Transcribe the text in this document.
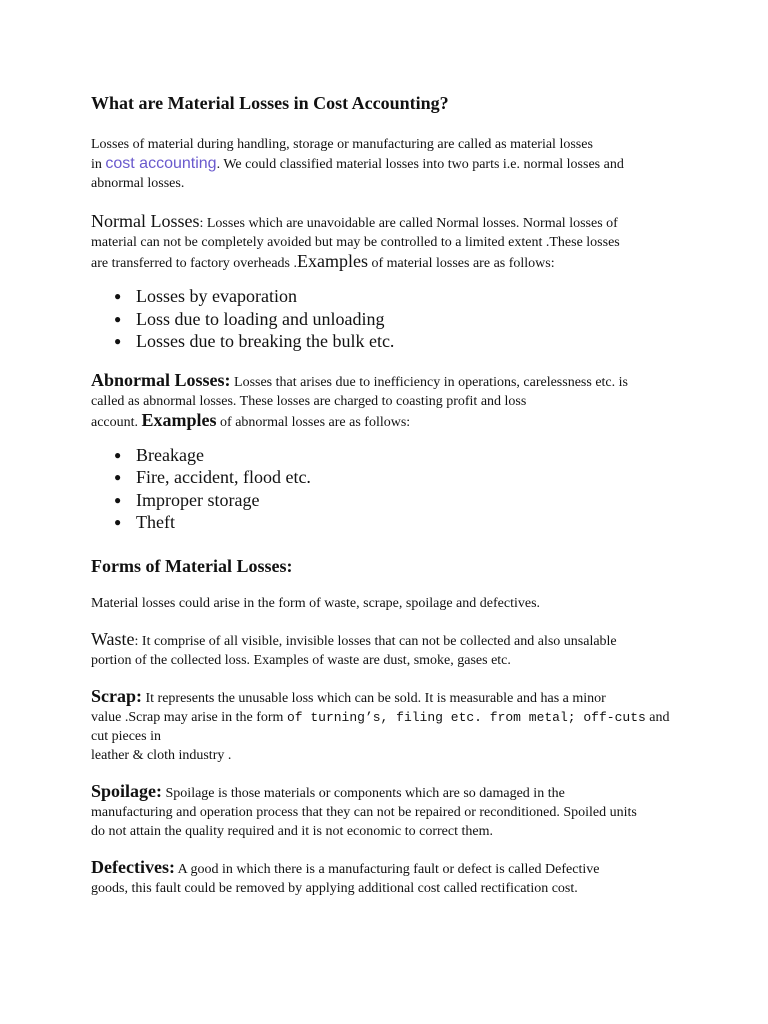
What are Material Losses in Cost Accounting?

Losses of material during handling, storage or manufacturing are called as material losses
in cost accounting. We could classified material losses into two parts i.e. normal losses and
abnormal losses.

Normal Losses: Losses which are unavoidable are called Normal losses. Normal losses of
material can not be completely avoided but may be controlled to a limited extent .These losses
are transferred to factory overheads .Examples of material losses are as follows:

● Losses by evaporation
● Loss due to loading and unloading
● Losses due to breaking the bulk etc.

Abnormal Losses: Losses that arises due to inefficiency in operations, carelessness etc. is
called as abnormal losses. These losses are charged to coasting profit and loss
account. Examples of abnormal losses are as follows:

● Breakage
● Fire, accident, flood etc.
● Improper storage
● Theft

Forms of Material Losses:

Material losses could arise in the form of waste, scrape, spoilage and defectives.

Waste: It comprise of all visible, invisible losses that can not be collected and also unsalable
portion of the collected loss. Examples of waste are dust, smoke, gases etc.

Scrap: It represents the unusable loss which can be sold. It is measurable and has a minor
value .Scrap may arise in the form of turning’s, filing etc. from metal; off-cuts and cut pieces in
leather & cloth industry .

Spoilage: Spoilage is those materials or components which are so damaged in the
manufacturing and operation process that they can not be repaired or reconditioned. Spoiled units
do not attain the quality required and it is not economic to correct them.

Defectives: A good in which there is a manufacturing fault or defect is called Defective
goods, this fault could be removed by applying additional cost called rectification cost.
